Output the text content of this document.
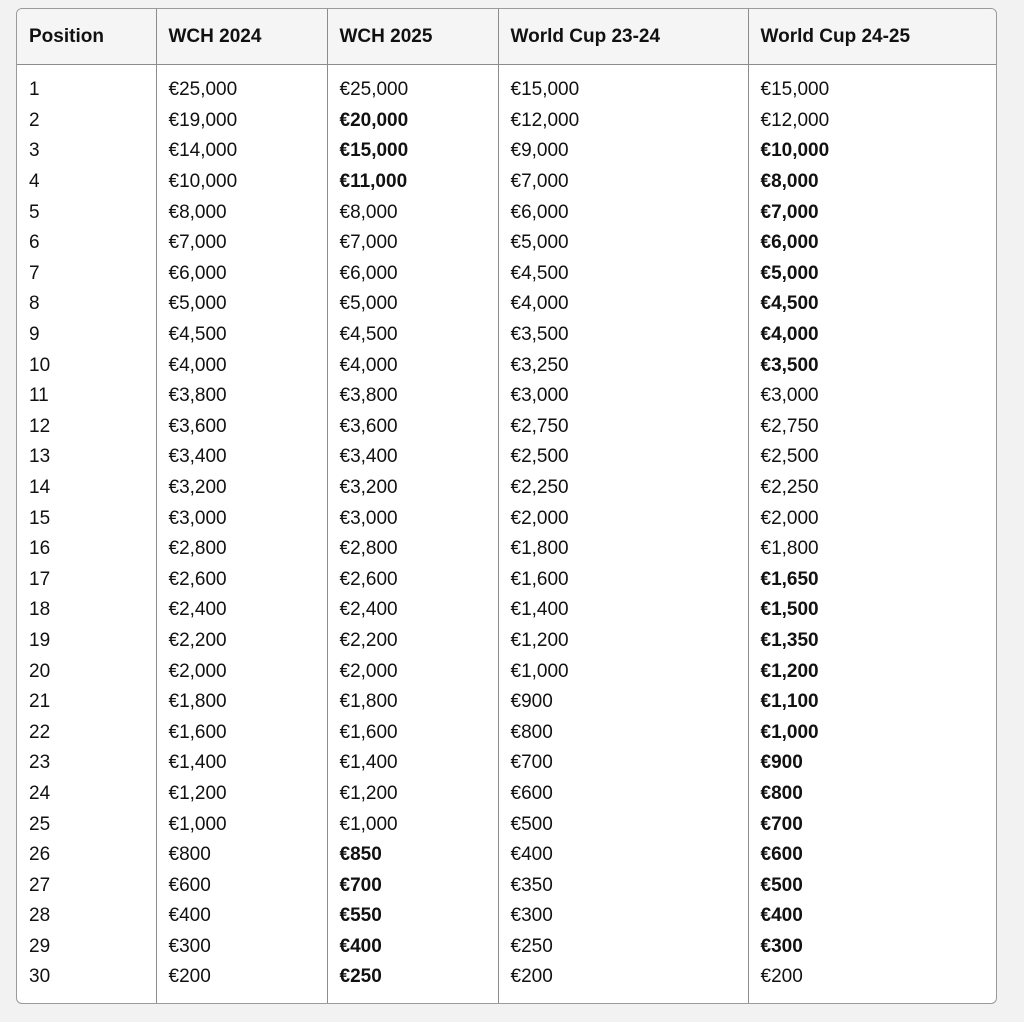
Position	WCH 2024	WCH 2025	World Cup 23-24	World Cup 24-25

1	€25,000	€25,000	€15,000	€15,000
2	€19,000	€20,000	€12,000	€12,000
3	€14,000	€15,000	€9,000	€10,000
4	€10,000	€11,000	€7,000	€8,000
5	€8,000	€8,000	€6,000	€7,000
6	€7,000	€7,000	€5,000	€6,000
7	€6,000	€6,000	€4,500	€5,000
8	€5,000	€5,000	€4,000	€4,500
9	€4,500	€4,500	€3,500	€4,000
10	€4,000	€4,000	€3,250	€3,500
11	€3,800	€3,800	€3,000	€3,000
12	€3,600	€3,600	€2,750	€2,750
13	€3,400	€3,400	€2,500	€2,500
14	€3,200	€3,200	€2,250	€2,250
15	€3,000	€3,000	€2,000	€2,000
16	€2,800	€2,800	€1,800	€1,800
17	€2,600	€2,600	€1,600	€1,650
18	€2,400	€2,400	€1,400	€1,500
19	€2,200	€2,200	€1,200	€1,350
20	€2,000	€2,000	€1,000	€1,200
21	€1,800	€1,800	€900	€1,100
22	€1,600	€1,600	€800	€1,000
23	€1,400	€1,400	€700	€900
24	€1,200	€1,200	€600	€800
25	€1,000	€1,000	€500	€700
26	€800	€850	€400	€600
27	€600	€700	€350	€500
28	€400	€550	€300	€400
29	€300	€400	€250	€300
30	€200	€250	€200	€200
